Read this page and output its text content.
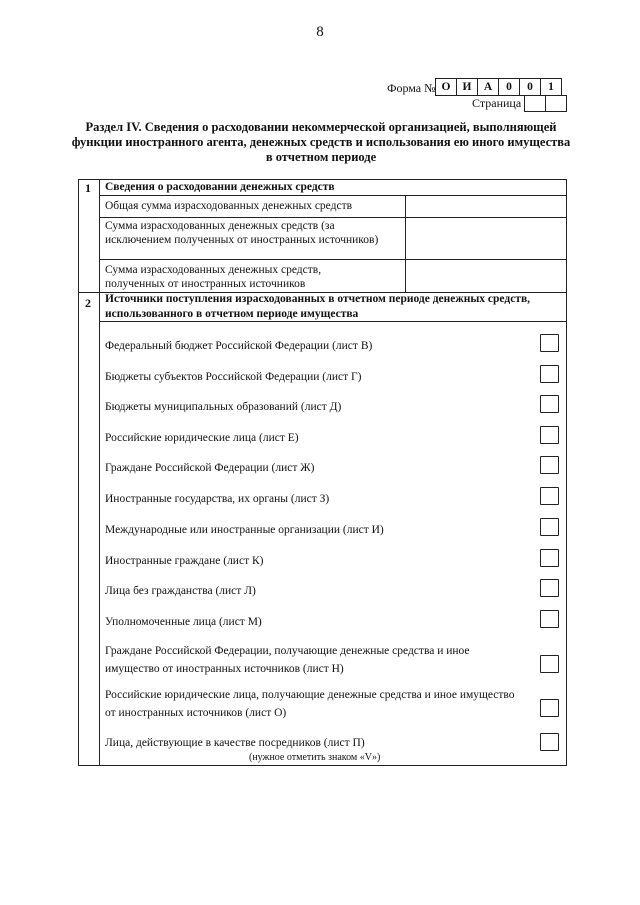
8
Форма № О	И	А	0	0	1
Страница
Раздел IV. Сведения о расходовании некоммерческой организацией, выполняющей функции иностранного агента, денежных средств и использования ею иного имущества в отчетном периоде
1 Сведения о расходовании денежных средств
Общая сумма израсходованных денежных средств
Сумма израсходованных денежных средств (за исключением полученных от иностранных источников)
Сумма израсходованных денежных средств, полученных от иностранных источников
2 Источники поступления израсходованных в отчетном периоде денежных средств, использованного в отчетном периоде имущества
Федеральный бюджет Российской Федерации (лист В)
Бюджеты субъектов Российской Федерации (лист Г)
Бюджеты муниципальных образований (лист Д)
Российские юридические лица (лист Е)
Граждане Российской Федерации (лист Ж)
Иностранные государства, их органы (лист З)
Международные или иностранные организации (лист И)
Иностранные граждане (лист К)
Лица без гражданства (лист Л)
Уполномоченные лица (лист М)
Граждане Российской Федерации, получающие денежные средства и иное имущество от иностранных источников (лист Н)
Российские юридические лица, получающие денежные средства и иное имущество от иностранных источников (лист О)
Лица, действующие в качестве посредников (лист П)
(нужное отметить знаком «V»)
